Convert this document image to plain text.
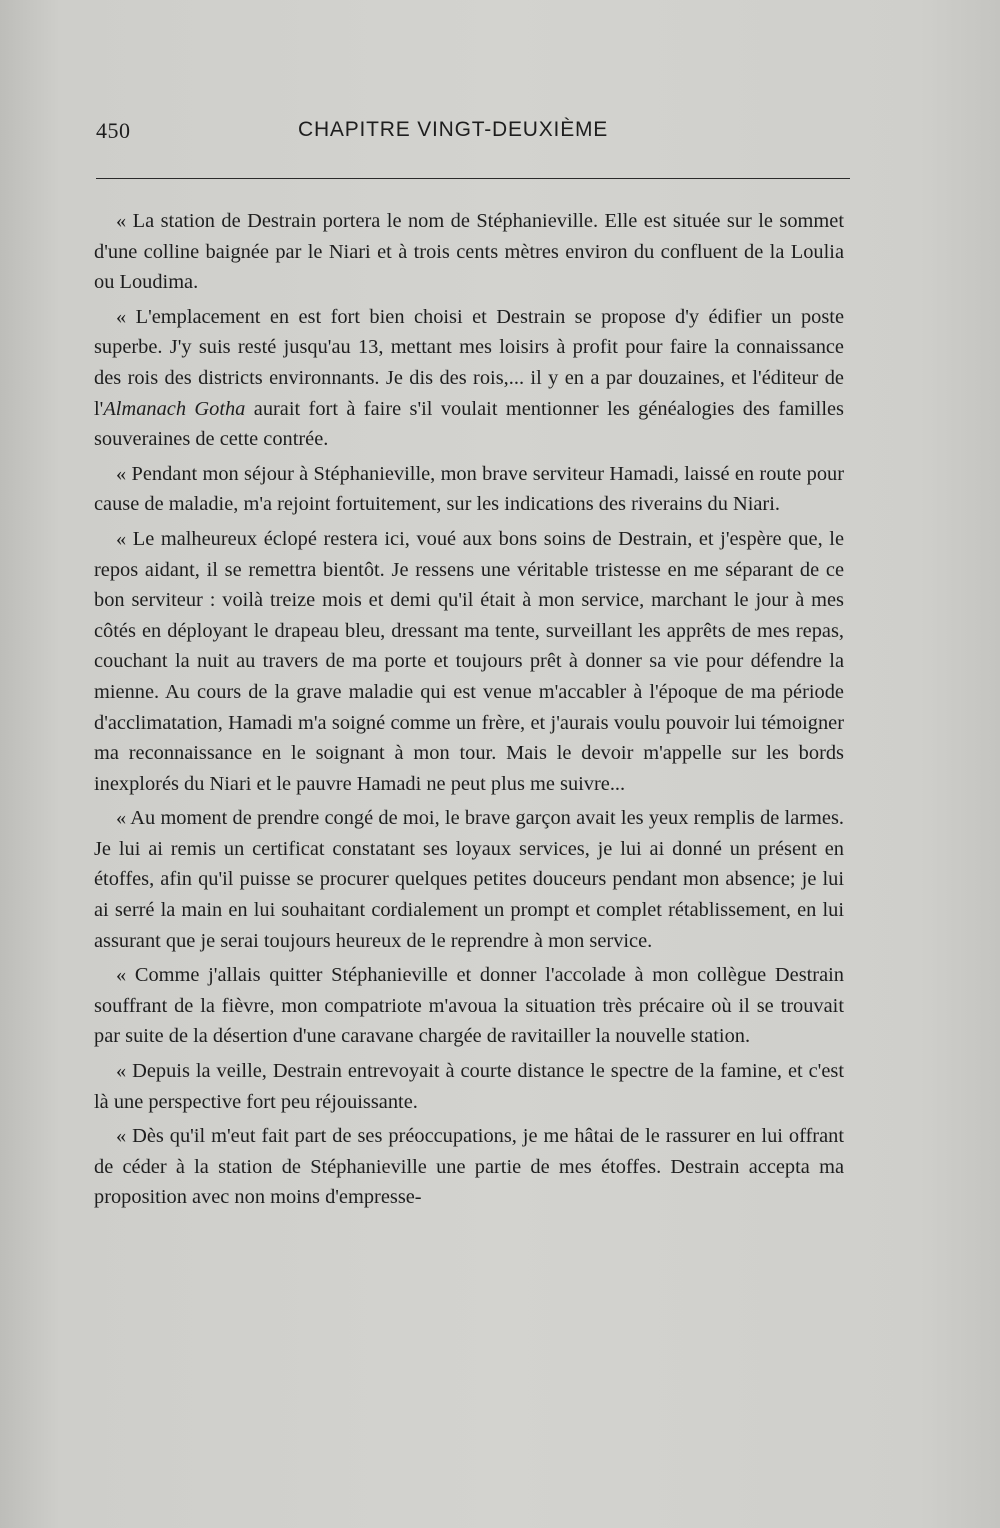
450	CHAPITRE VINGT-DEUXIÈME

« La station de Destrain portera le nom de Stéphanieville. Elle est située sur le sommet d'une colline baignée par le Niari et à trois cents mètres environ du confluent de la Loulia ou Loudima.

« L'emplacement en est fort bien choisi et Destrain se propose d'y édifier un poste superbe. J'y suis resté jusqu'au 13, mettant mes loisirs à profit pour faire la connaissance des rois des districts environnants. Je dis des rois,... il y en a par douzaines, et l'éditeur de l'Almanach Gotha aurait fort à faire s'il voulait mentionner les généalogies des familles souveraines de cette contrée.

« Pendant mon séjour à Stéphanieville, mon brave serviteur Hamadi, laissé en route pour cause de maladie, m'a rejoint fortuitement, sur les indications des riverains du Niari.

« Le malheureux éclopé restera ici, voué aux bons soins de Destrain, et j'espère que, le repos aidant, il se remettra bientôt. Je ressens une véritable tristesse en me séparant de ce bon serviteur : voilà treize mois et demi qu'il était à mon service, marchant le jour à mes côtés en déployant le drapeau bleu, dressant ma tente, surveillant les apprêts de mes repas, couchant la nuit au travers de ma porte et toujours prêt à donner sa vie pour défendre la mienne. Au cours de la grave maladie qui est venue m'accabler à l'époque de ma période d'acclimatation, Hamadi m'a soigné comme un frère, et j'aurais voulu pouvoir lui témoigner ma reconnaissance en le soignant à mon tour. Mais le devoir m'appelle sur les bords inexplorés du Niari et le pauvre Hamadi ne peut plus me suivre...

« Au moment de prendre congé de moi, le brave garçon avait les yeux remplis de larmes. Je lui ai remis un certificat constatant ses loyaux services, je lui ai donné un présent en étoffes, afin qu'il puisse se procurer quelques petites douceurs pendant mon absence; je lui ai serré la main en lui souhaitant cordialement un prompt et complet rétablissement, en lui assurant que je serai toujours heureux de le reprendre à mon service.

« Comme j'allais quitter Stéphanieville et donner l'accolade à mon collègue Destrain souffrant de la fièvre, mon compatriote m'avoua la situation très précaire où il se trouvait par suite de la désertion d'une caravane chargée de ravitailler la nouvelle station.

« Depuis la veille, Destrain entrevoyait à courte distance le spectre de la famine, et c'est là une perspective fort peu réjouissante.

« Dès qu'il m'eut fait part de ses préoccupations, je me hâtai de le rassurer en lui offrant de céder à la station de Stéphanieville une partie de mes étoffes. Destrain accepta ma proposition avec non moins d'empresse-
